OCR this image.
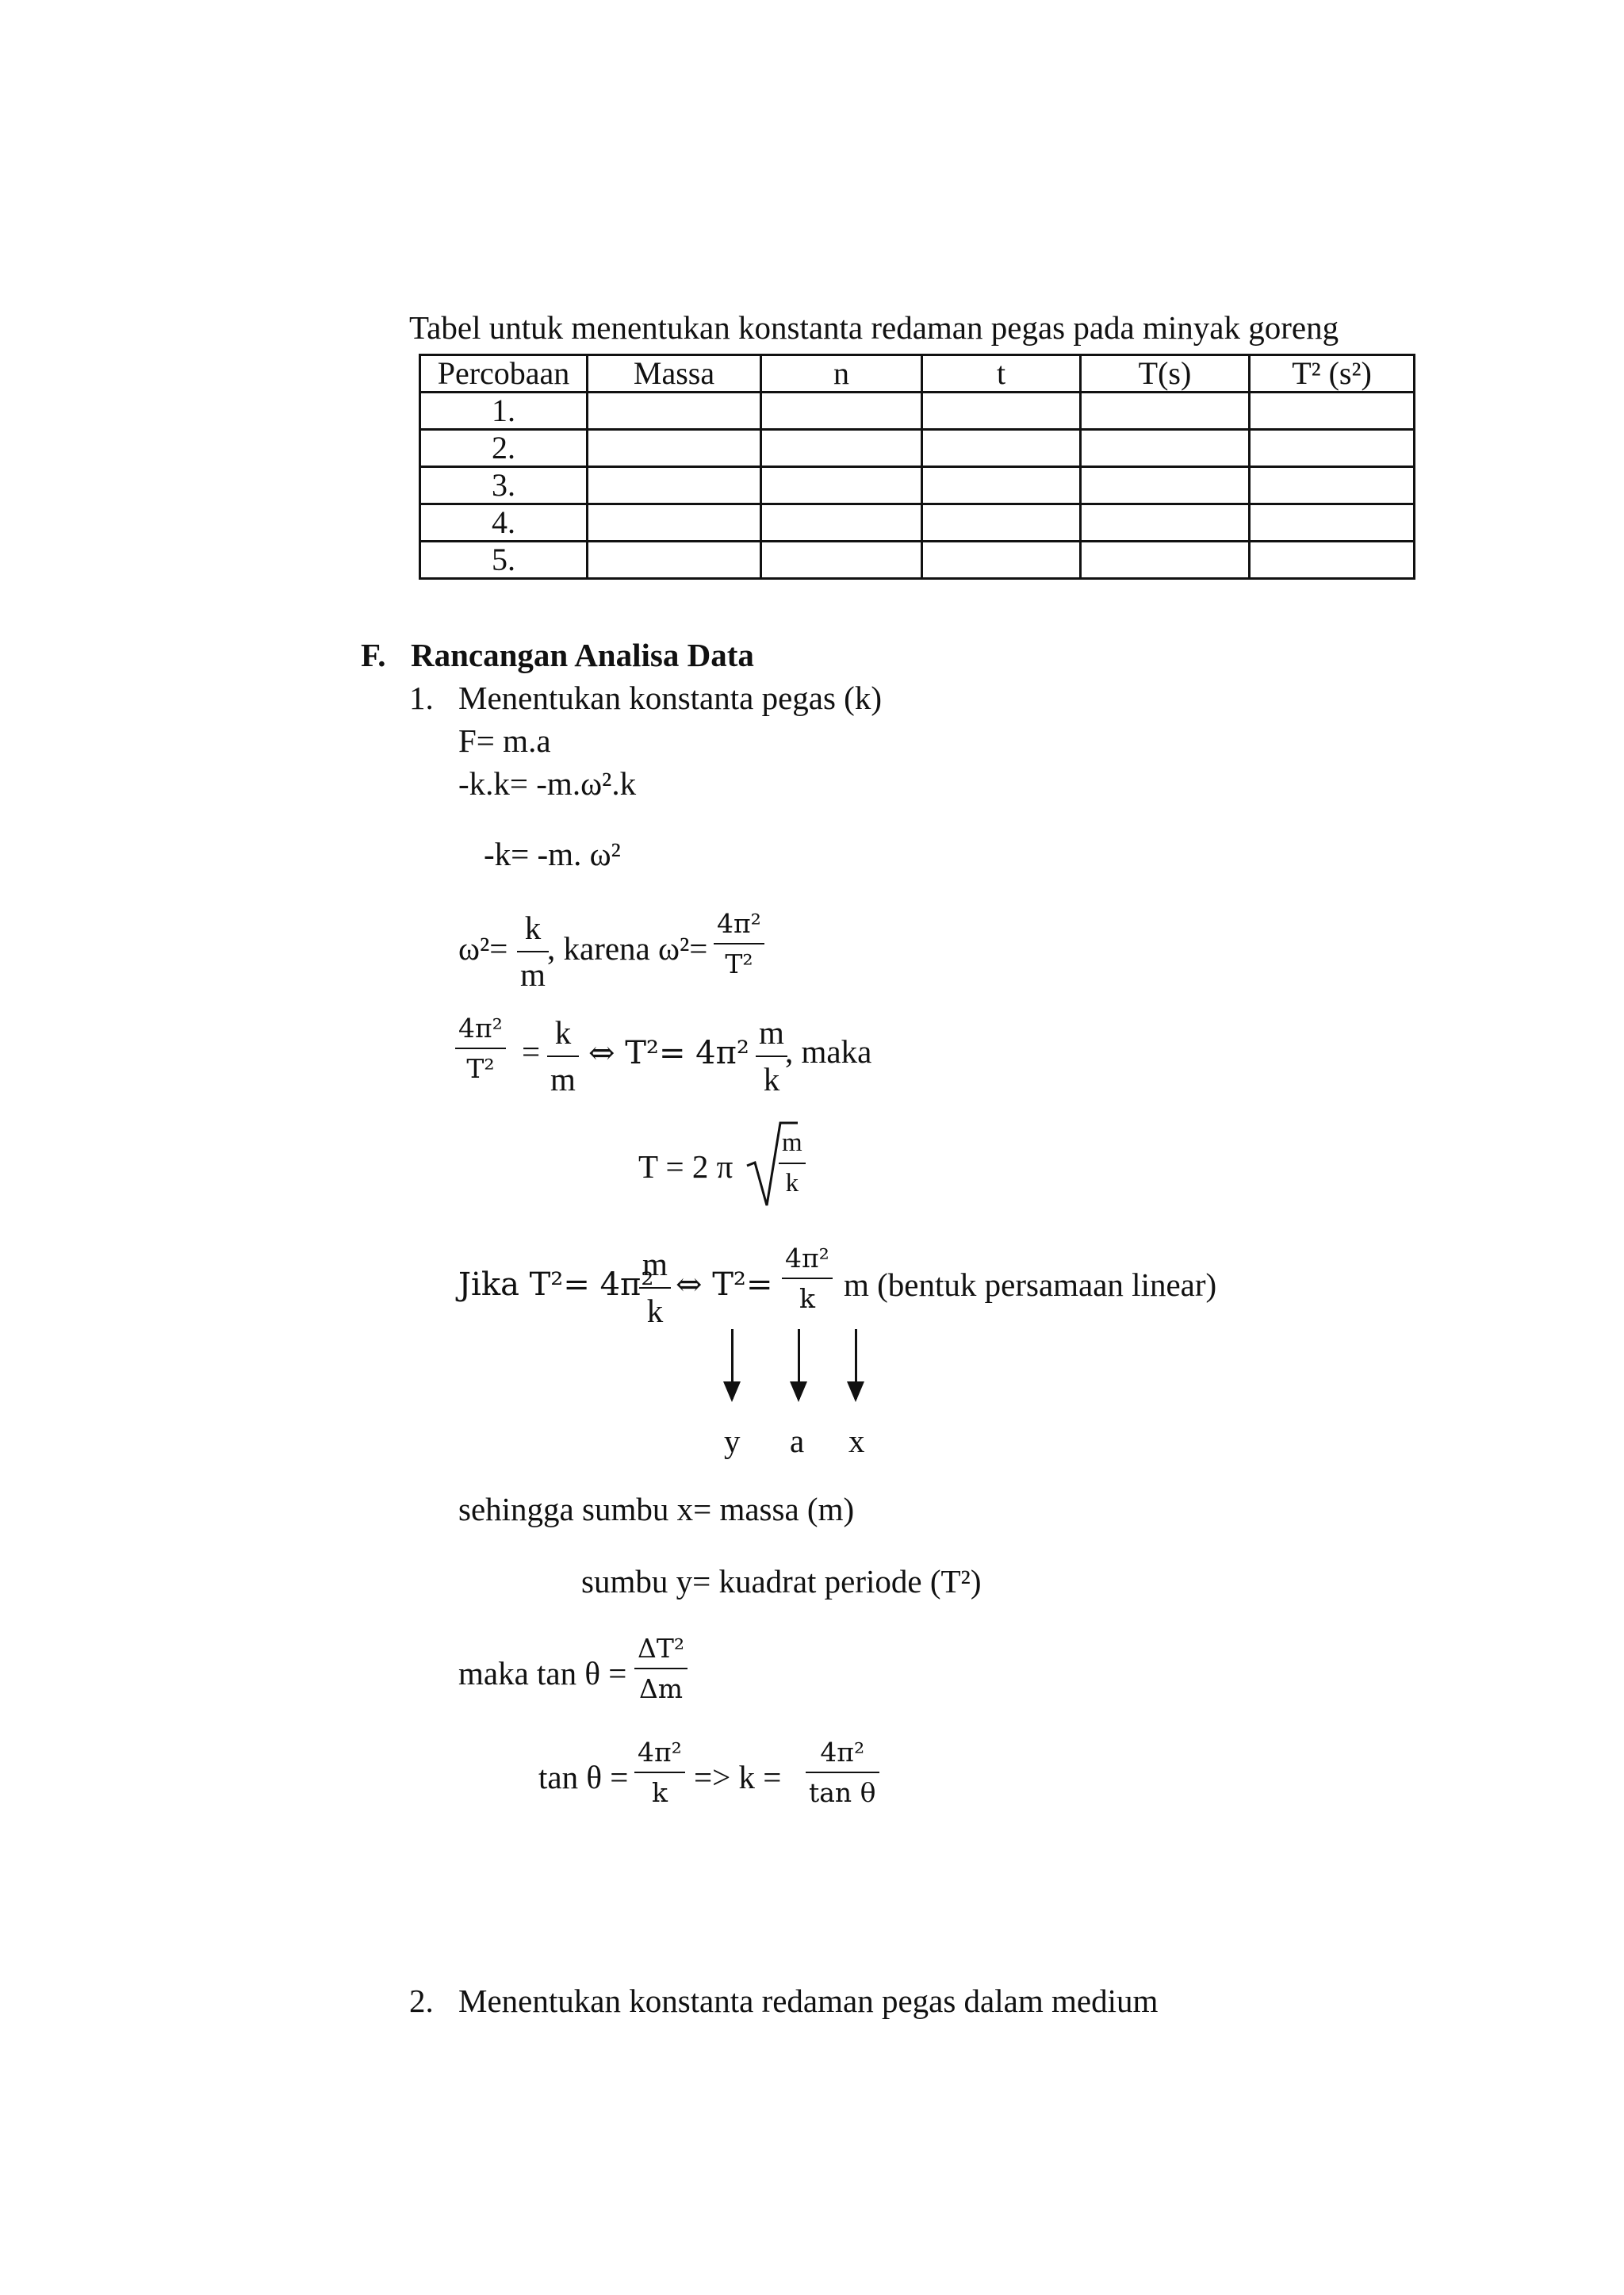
Tabel untuk menentukan konstanta redaman pegas pada minyak goreng
Percobaan	Massa	n	t	T(s)	T² (s²)
1.					
2.					
3.					
4.					
5.					
F. Rancangan Analisa Data
1. Menentukan konstanta pegas (k)
F= m.a
-k.k= -m.ω².k
-k= -m. ω²
$\omega^2= \frac{k}{m}$
, karena $\omega^2= \frac{\text{4π²}}{\text{T²}}$
$\frac{\text{4π²}}{\text{T²}} = \frac{k}{m}$ ⇔ $T^2= 4\pi^2 \frac{m}{k}$
, maka
T = 2 π $\frac{m}{k}$
Jika T²= 4π²
$\frac{m}{k}$ ⇔ $T^2= \frac{\text{4π²}}{k}$ m (bentuk persamaan linear)
y a x
sehingga sumbu x= massa (m)
sumbu y= kuadrat periode (T²)
maka $\tan \theta = \frac{\text{ΔT²}}{\Delta m}$
$\tan \theta = \frac{\text{4π²}}{k} => k = \frac{\text{4π²}}{\text{tan θ}}$
2. Menentukan konstanta redaman pegas dalam medium
